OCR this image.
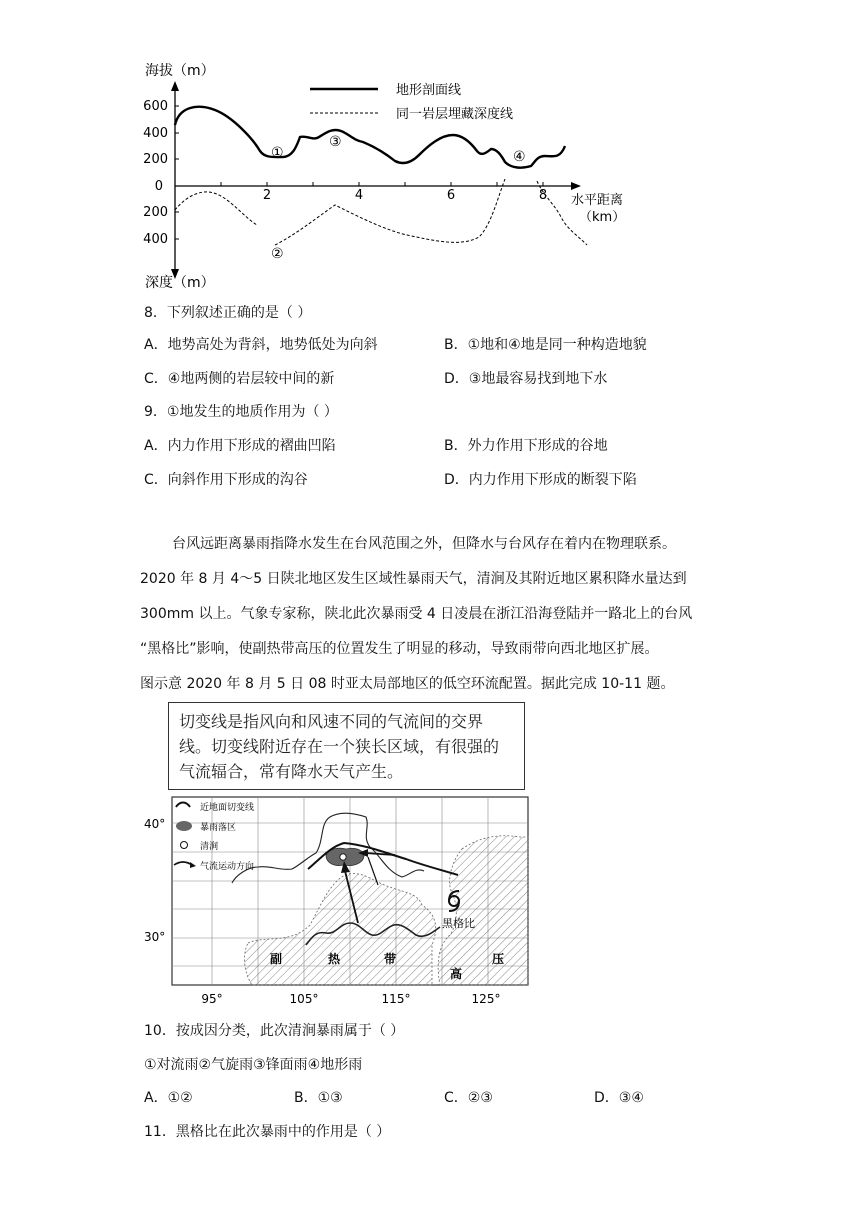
海拔（m）
深度（m）
600
400
200
0
200
400
2	4	6	8 水平距离
（km）
地形剖面线
同一岩层埋藏深度线
①
②
③
④
8．下列叙述正确的是（ ）
A．地势高处为背斜，地势低处为向斜	B．①地和④地是同一种构造地貌
C．④地两侧的岩层较中间的新	D．③地最容易找到地下水
9．①地发生的地质作用为（ ）
A．内力作用下形成的褶曲凹陷	B．外力作用下形成的谷地
C．向斜作用下形成的沟谷	D．内力作用下形成的断裂下陷

台风远距离暴雨指降水发生在台风范围之外，但降水与台风存在着内在物理联系。

2020 年 8 月 4～5 日陕北地区发生区域性暴雨天气，清涧及其附近地区累积降水量达到

300mm 以上。气象专家称，陕北此次暴雨受 4 日凌晨在浙江沿海登陆并一路北上的台风

“黑格比”影响，使副热带高压的位置发生了明显的移动，导致雨带向西北地区扩展。

图示意 2020 年 8 月 5 日 08 时亚太局部地区的低空环流配置。据此完成 10-11 题。

切变线是指风向和风速不同的气流间的交界
线。切变线附近存在一个狭长区域，有很强的
气流辐合，常有降水天气产生。
黑格比
近地面切变线
暴雨落区
清涧
气流运动方向
副	热	带
高
压
40°
30°
95°	105°	115°	125°
10．按成因分类，此次清涧暴雨属于（ ）
①对流雨②气旋雨③锋面雨④地形雨
A．①②	B．①③	C．②③	D．③④
11．黑格比在此次暴雨中的作用是（ ）
